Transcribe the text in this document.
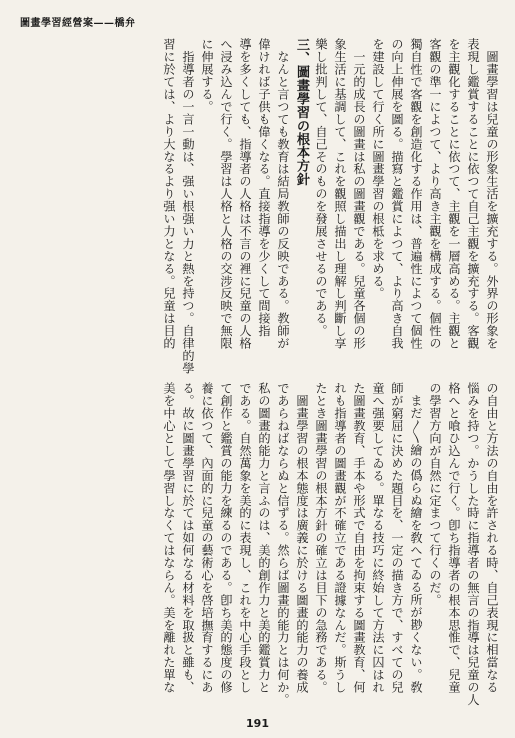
圖畫學習經營案——橋弁
　圖畫學習は兒童の形象生活を擴充する。外界の形象を
表現し鑑賞することに依つて自己主觀を擴充する。客觀
を主觀化することに依つて、主觀を一層高める。主觀と
客觀の準一によつて、より高き主觀を構成する。個性の
獨自性で客觀を創造化する作用は、普遍性によつて個性
の向上伸展を圖る。描寫と鑑賞によつて、より高き自我
を建設して行く所に圖畫學習の根柢を求める。
　一元的成長の圖畫は私の圖畫觀である。兒童各個の形
象生活に基調して、これを觀照し描出し理解し判斷し享
樂し批判して、自己そのものを發展させるのである。
三、圖畫學習の根本方針
　なんと言つても教育は結局教師の反映である。教師が
偉ければ子供も偉くなる。直接指導を少くして間接指
導を多くしても、指導者の人格は不言の裡に兒童の人格
へ浸み込んで行く。學習は人格と人格の交涉反映で無限
に伸展する。
　指導者の一言一動は、强い根强い力と熱を持つ。自律的學
習に於ては、より大なるより强い力となる。兒童は目的
の自由と方法の自由を許される時、自己表現に相當なる
惱みを持つ。かうした時に指導者の無言の指導は兒童の人
格へと喰ひ込んで行く。卽ち指導者の根本思惟で、兒童
の學習方向が自然に定まつて行くのだ。
　まだ〳〵繪の僞らぬ繪を敎へてゐる所が尠くない。敎
師が窮屈に決めた題目を、一定の描き方で、すべての兒
童へ强要してゐる。單なる技巧に終始して方法に囚はれ
た圖畫教育、手本や形式で自由を拘束する圖畫教育、何
れも指導者の圖畫觀が不確立である證據なんだ。斯うし
たとき圖畫學習の根本方針の確立は目下の急務である。
　圖畫學習の根本態度は廣義に於ける圖畫的能力の養成
であらねばならぬと信ずる。然らば圖畫的能力とは何か。
私の圖畫的能力と言ふのは、美的創作力と美的鑑賞力と
である。自然萬象を美的に表現し、これを中心手段とし
て創作と鑑賞の能力を練るのである。卽ち美的態度の修
養に依つて、內面的に兒童の藝術心を啓培撫育するにあ
る。故に圖畫學習に於ては如何なる材料を取扱と雖も、
美を中心として學習しなくてはならん。美を離れた單な
191
